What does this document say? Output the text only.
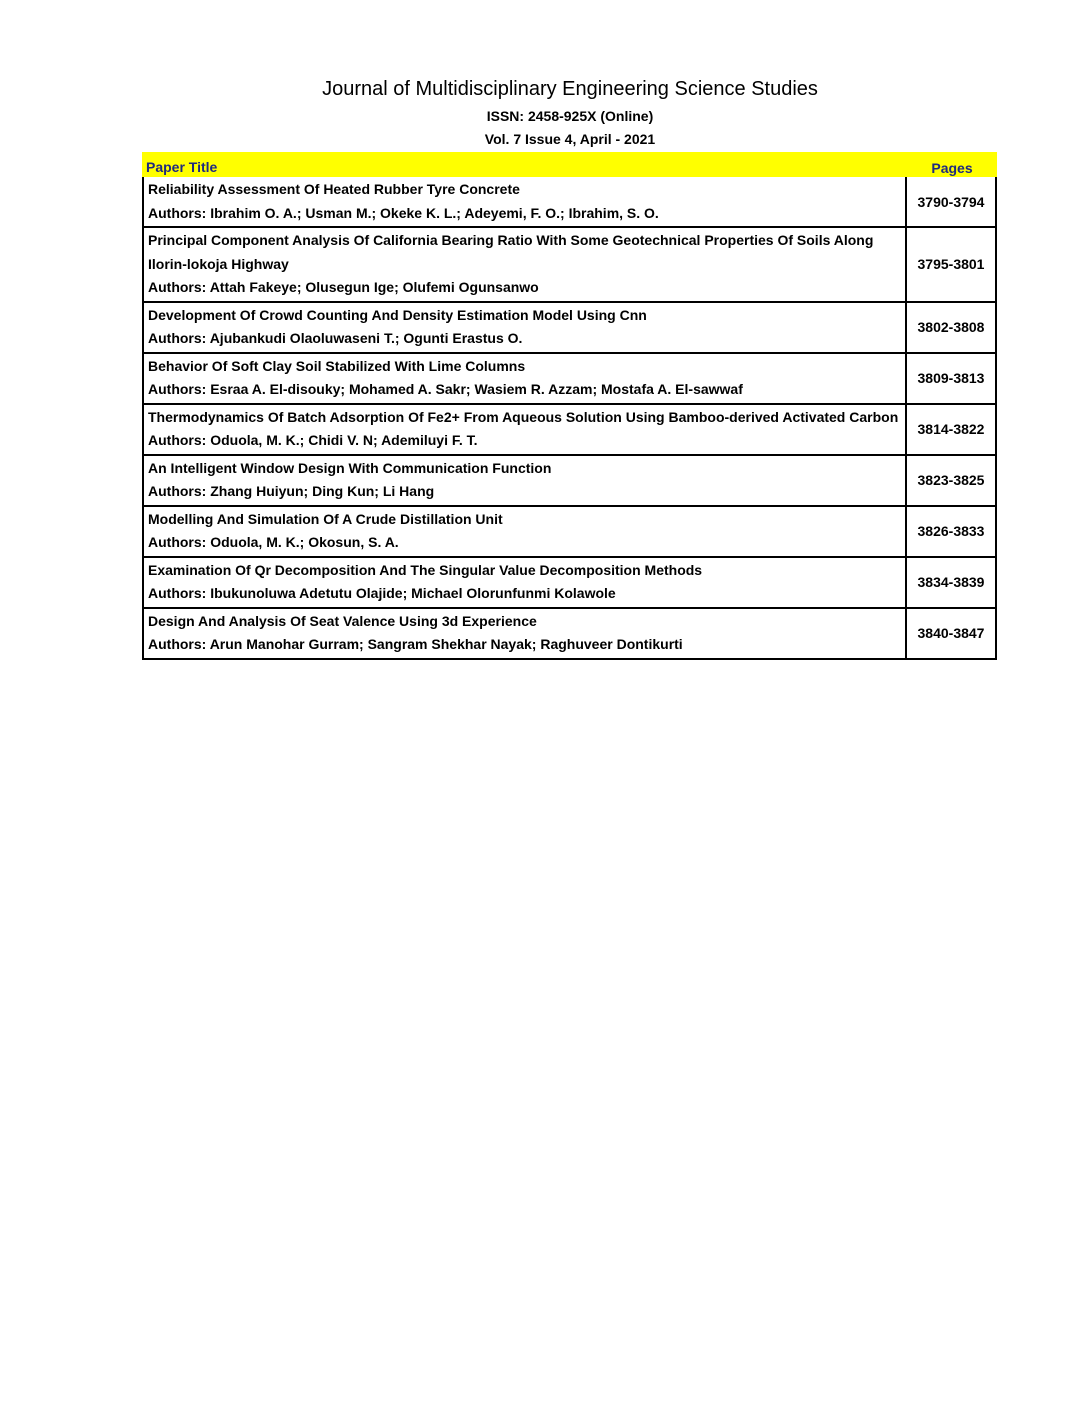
Journal of Multidisciplinary Engineering Science Studies
ISSN: 2458-925X (Online)
Vol. 7 Issue 4, April - 2021
Paper Title	Pages
Reliability Assessment Of Heated Rubber Tyre Concrete
Authors: Ibrahim O. A.; Usman M.; Okeke K. L.; Adeyemi, F. O.; Ibrahim, S. O.
3790-3794
Principal Component Analysis Of California Bearing Ratio With Some Geotechnical Properties Of Soils Along Ilorin-lokoja Highway
Authors: Attah Fakeye; Olusegun Ige; Olufemi Ogunsanwo
3795-3801
Development Of Crowd Counting And Density Estimation Model Using Cnn
Authors: Ajubankudi Olaoluwaseni T.; Ogunti Erastus O.
3802-3808
Behavior Of Soft Clay Soil Stabilized With Lime Columns
Authors: Esraa A. El-disouky; Mohamed A. Sakr; Wasiem R. Azzam; Mostafa A. El-sawwaf
3809-3813
Thermodynamics Of Batch Adsorption Of Fe2+ From Aqueous Solution Using Bamboo-derived Activated Carbon
Authors: Oduola, M. K.; Chidi V. N; Ademiluyi F. T.
3814-3822
An Intelligent Window Design With Communication Function
Authors: Zhang Huiyun; Ding Kun; Li Hang
3823-3825
Modelling And Simulation Of A Crude Distillation Unit
Authors: Oduola, M. K.; Okosun, S. A.
3826-3833
Examination Of Qr Decomposition And The Singular Value Decomposition Methods
Authors: Ibukunoluwa Adetutu Olajide; Michael Olorunfunmi Kolawole
3834-3839
Design And Analysis Of Seat Valence Using 3d Experience
Authors: Arun Manohar Gurram; Sangram Shekhar Nayak; Raghuveer Dontikurti
3840-3847
